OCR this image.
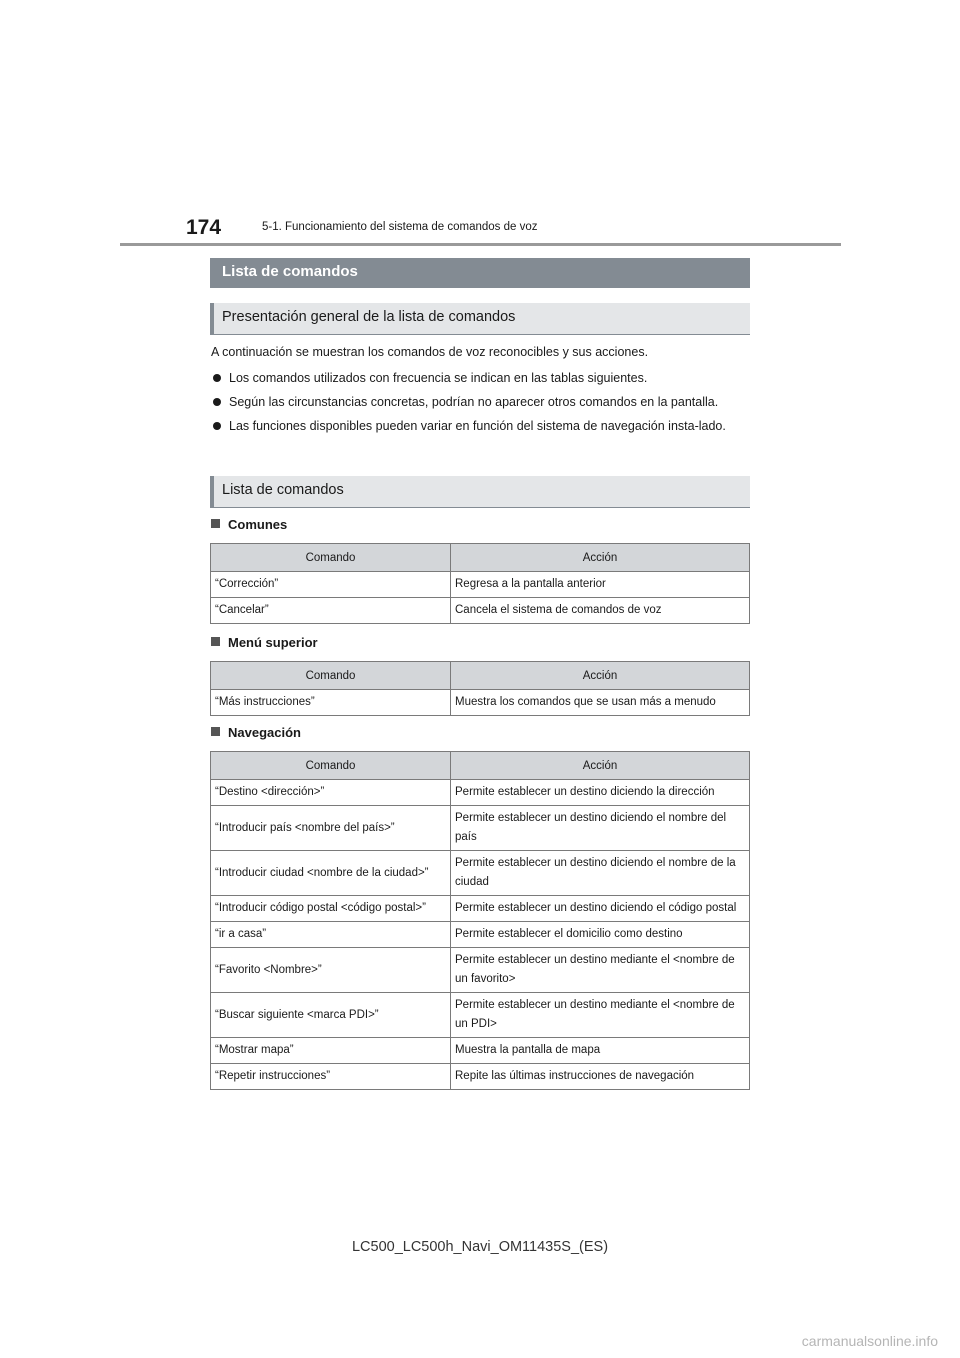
174	5-1. Funcionamiento del sistema de comandos de voz
Lista de comandos
Presentación general de la lista de comandos
A continuación se muestran los comandos de voz reconocibles y sus acciones.
Los comandos utilizados con frecuencia se indican en las tablas siguientes.
Según las circunstancias concretas, podrían no aparecer otros comandos en la pantalla.
Las funciones disponibles pueden variar en función del sistema de navegación insta-lado.
Lista de comandos
Comunes
Comando	Acción
“Corrección”	Regresa a la pantalla anterior
“Cancelar”	Cancela el sistema de comandos de voz
Menú superior
Comando	Acción
“Más instrucciones”	Muestra los comandos que se usan más a menudo
Navegación
Comando	Acción
“Destino <dirección>”	Permite establecer un destino diciendo la dirección
“Introducir país <nombre del país>”	Permite establecer un destino diciendo el nombre del país
“Introducir ciudad <nombre de la ciudad>”	Permite establecer un destino diciendo el nombre de la ciudad
“Introducir código postal <código postal>”	Permite establecer un destino diciendo el código postal
“ir a casa”	Permite establecer el domicilio como destino
“Favorito <Nombre>”	Permite establecer un destino mediante el <nombre de un favorito>
“Buscar siguiente <marca PDI>”	Permite establecer un destino mediante el <nombre de un PDI>
“Mostrar mapa”	Muestra la pantalla de mapa
“Repetir instrucciones”	Repite las últimas instrucciones de navegación
LC500_LC500h_Navi_OM11435S_(ES)
carmanualsonline.info
